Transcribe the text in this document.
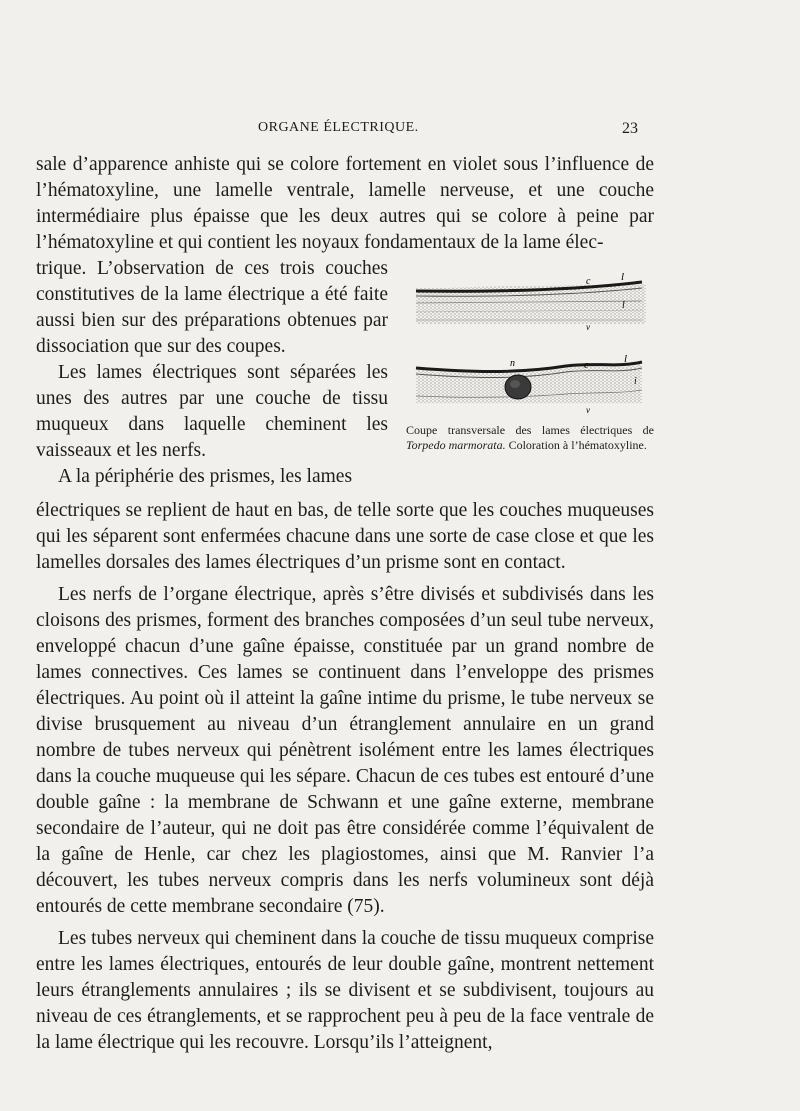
ORGANE ÉLECTRIQUE.	23

sale d’apparence anhiste qui se colore fortement en violet sous l’influence de l’hématoxyline, une lamelle ventrale, lamelle nerveuse, et une couche intermédiaire plus épaisse que les deux autres qui se colore à peine par l’hématoxyline et qui contient les noyaux fondamentaux de la lame élec-

trique. L’observation de ces trois couches constitutives de la lame électrique a été faite aussi bien sur des préparations obtenues par dissociation que sur des coupes.

Les lames électriques sont séparées les unes des autres par une couche de tissu muqueux dans laquelle cheminent les vaisseaux et les nerfs.

A la périphérie des prismes, les lames

c	l
l
v
n	c
l
i
v
Coupe transversale des lames électriques de Torpedo marmorata. Coloration à l’hématoxyline.

électriques se replient de haut en bas, de telle sorte que les couches muqueuses qui les séparent sont enfermées chacune dans une sorte de case close et que les lamelles dorsales des lames électriques d’un prisme sont en contact.

Les nerfs de l’organe électrique, après s’être divisés et subdivisés dans les cloisons des prismes, forment des branches composées d’un seul tube nerveux, enveloppé chacun d’une gaîne épaisse, constituée par un grand nombre de lames connectives. Ces lames se continuent dans l’enveloppe des prismes électriques. Au point où il atteint la gaîne intime du prisme, le tube nerveux se divise brusquement au niveau d’un étranglement annulaire en un grand nombre de tubes nerveux qui pénètrent isolément entre les lames électriques dans la couche muqueuse qui les sépare. Chacun de ces tubes est entouré d’une double gaîne : la membrane de Schwann et une gaîne externe, membrane secondaire de l’auteur, qui ne doit pas être considérée comme l’équivalent de la gaîne de Henle, car chez les plagiostomes, ainsi que M. Ranvier l’a découvert, les tubes nerveux compris dans les nerfs volumineux sont déjà entourés de cette membrane secondaire (75).

Les tubes nerveux qui cheminent dans la couche de tissu muqueux comprise entre les lames électriques, entourés de leur double gaîne, montrent nettement leurs étranglements annulaires ; ils se divisent et se subdivisent, toujours au niveau de ces étranglements, et se rapprochent peu à peu de la face ventrale de la lame électrique qui les recouvre. Lorsqu’ils l’atteignent,
